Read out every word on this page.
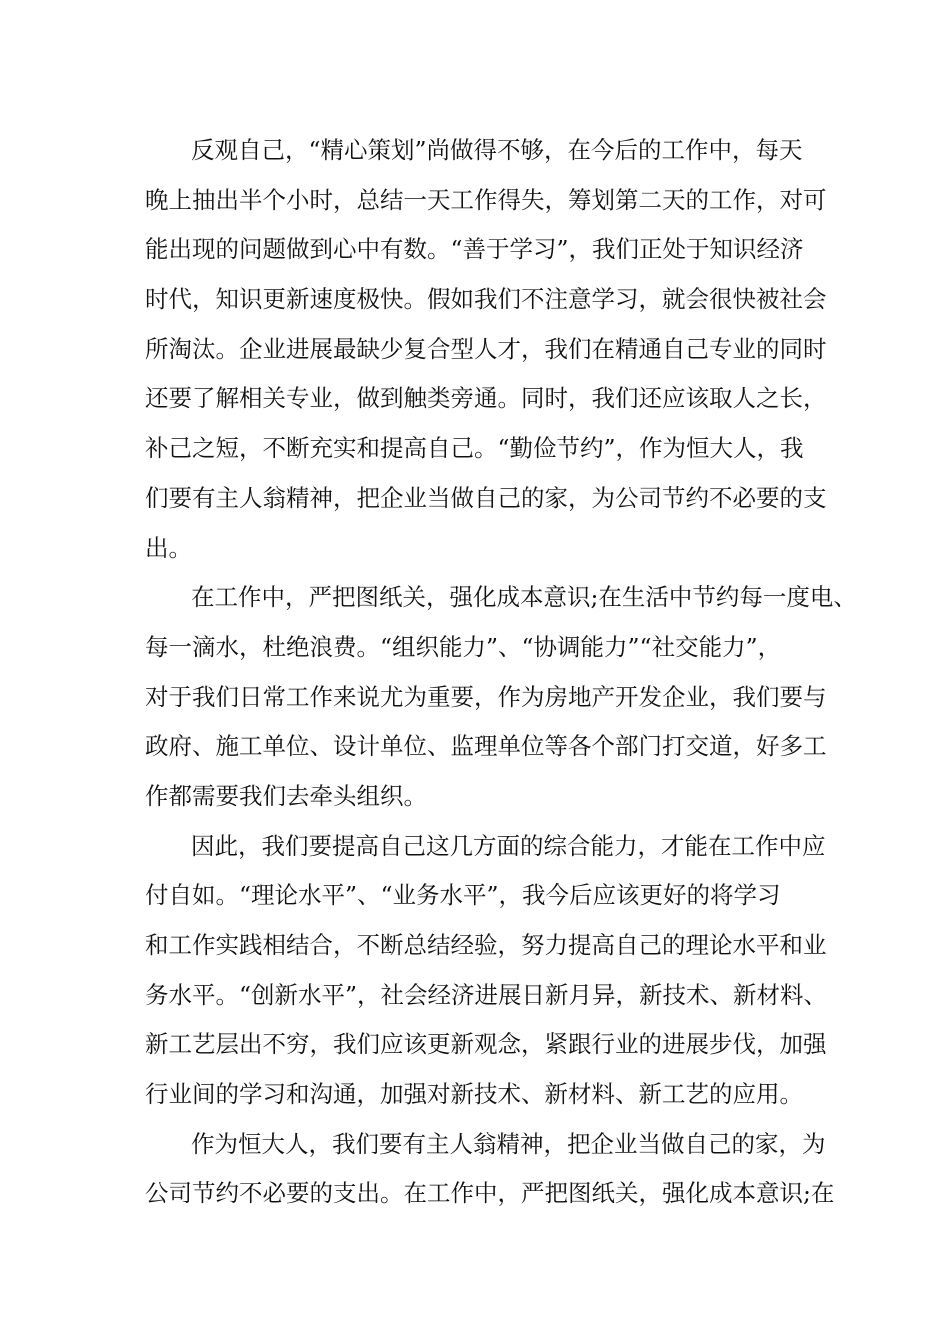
反观自己，“精心策划”尚做得不够，在今后的工作中，每天
晚上抽出半个小时，总结一天工作得失，筹划第二天的工作，对可
能出现的问题做到心中有数。“善于学习”，我们正处于知识经济
时代，知识更新速度极快。假如我们不注意学习，就会很快被社会
所淘汰。企业进展最缺少复合型人才，我们在精通自己专业的同时
还要了解相关专业，做到触类旁通。同时，我们还应该取人之长，
补己之短，不断充实和提高自己。“勤俭节约”，作为恒大人，我
们要有主人翁精神，把企业当做自己的家，为公司节约不必要的支
出。
在工作中，严把图纸关，强化成本意识;在生活中节约每一度电、
每一滴水，杜绝浪费。“组织能力”、“协调能力”“社交能力”，
对于我们日常工作来说尤为重要，作为房地产开发企业，我们要与
政府、施工单位、设计单位、监理单位等各个部门打交道，好多工
作都需要我们去牵头组织。
因此，我们要提高自己这几方面的综合能力，才能在工作中应
付自如。“理论水平”、“业务水平”，我今后应该更好的将学习
和工作实践相结合，不断总结经验，努力提高自己的理论水平和业
务水平。“创新水平”，社会经济进展日新月异，新技术、新材料、
新工艺层出不穷，我们应该更新观念，紧跟行业的进展步伐，加强
行业间的学习和沟通，加强对新技术、新材料、新工艺的应用。
作为恒大人，我们要有主人翁精神，把企业当做自己的家，为
公司节约不必要的支出。在工作中，严把图纸关，强化成本意识;在
